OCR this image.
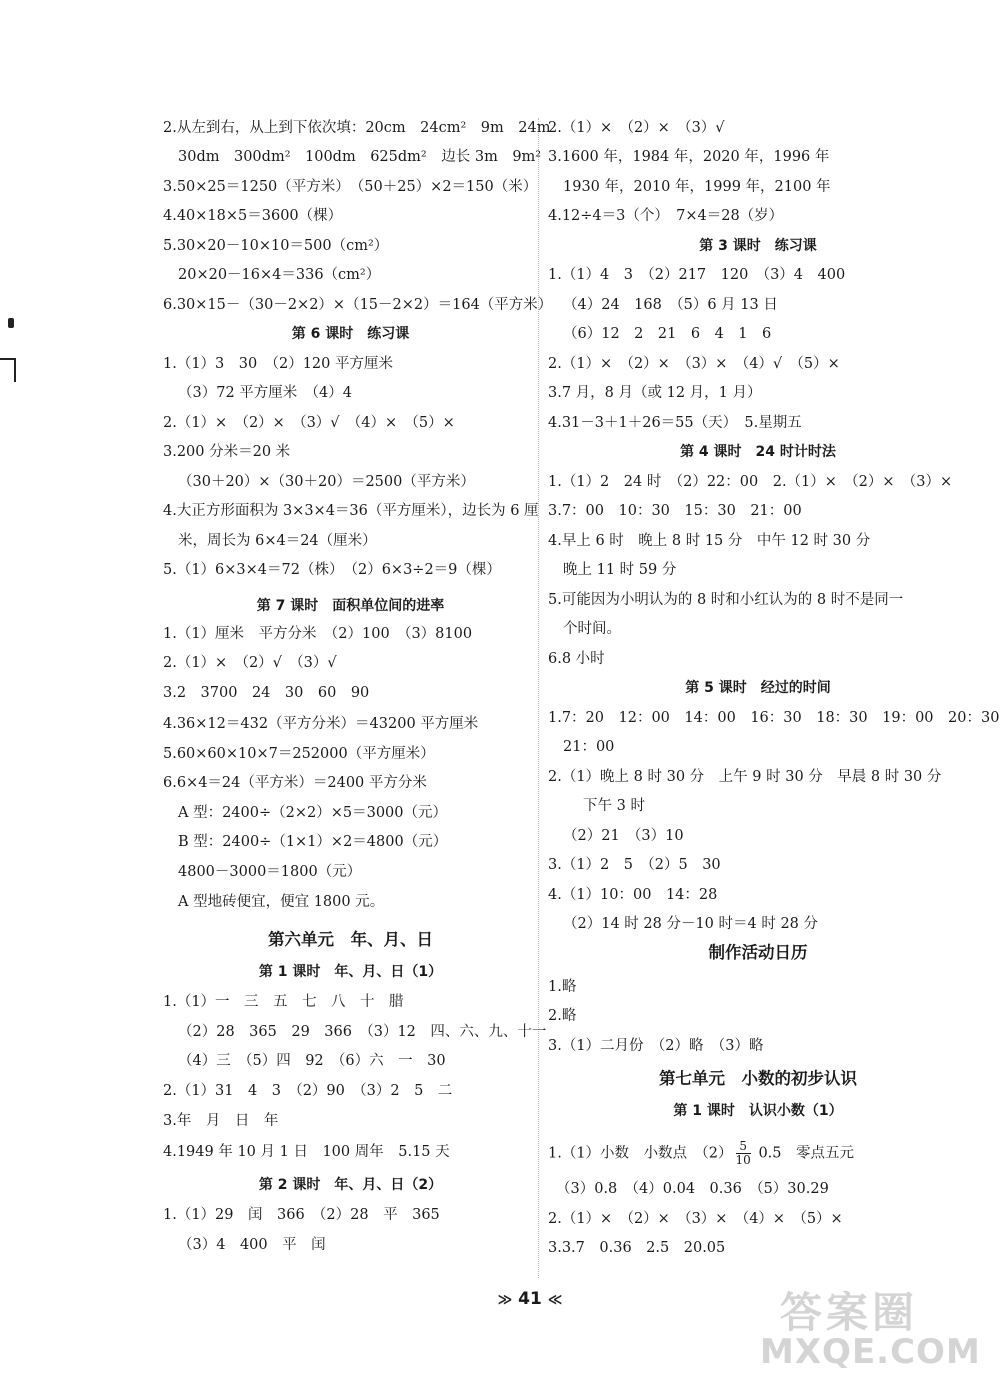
2.从左到右，从上到下依次填：20cm　24cm²　9m　24m
30dm　300dm²　100dm　625dm²　边长 3m　9m²
3.50×25＝1250（平方米）　（50＋25）×2＝150（米）
4.40×18×5＝3600（棵）
5.30×20－10×10＝500（cm²）
20×20－16×4＝336（cm²）
6.30×15－（30－2×2）×（15－2×2）＝164（平方米）
第 6 课时　练习课
1.（1）3　30　（2）120 平方厘米
（3）72 平方厘米　（4）4
2.（1）×　（2）×　（3）√　（4）×　（5）×
3.200 分米＝20 米
（30＋20）×（30＋20）＝2500（平方米）
4.大正方形面积为 3×3×4＝36（平方厘米），边长为 6 厘
米，周长为 6×4＝24（厘米）
5.（1）6×3×4＝72（株）　（2）6×3÷2＝9（棵）
第 7 课时　面积单位间的进率
1.（1）厘米　平方分米　（2）100　（3）8100
2.（1）×　（2）√　（3）√
3.2　3700　24　30　60　90
4.36×12＝432（平方分米）＝43200 平方厘米
5.60×60×10×7＝252000（平方厘米）
6.6×4＝24（平方米）＝2400 平方分米
A 型：2400÷（2×2）×5＝3000（元）
B 型：2400÷（1×1）×2＝4800（元）
4800－3000＝1800（元）
A 型地砖便宜，便宜 1800 元。
第六单元　年、月、日
第 1 课时　年、月、日（1）
1.（1）一　三　五　七　八　十　腊
（2）28　365　29　366　（3）12　四、六、九、十一
（4）三　（5）四　92　（6）六　一　30
2.（1）31　4　3　（2）90　（3）2　5　二
3.年　月　日　年
4.1949 年 10 月 1 日　100 周年　5.15 天
第 2 课时　年、月、日（2）
1.（1）29　闰　366　（2）28　平　365
（3）4　400　平　闰
2.（1）×　（2）×　（3）√
3.1600 年，1984 年，2020 年，1996 年
1930 年，2010 年，1999 年，2100 年
4.12÷4＝3（个）　7×4＝28（岁）
第 3 课时　练习课
1.（1）4　3　（2）217　120　（3）4　400
（4）24　168　（5）6 月 13 日
（6）12　2　21　6　4　1　6
2.（1）×　（2）×　（3）×　（4）√　（5）×
3.7 月，8 月（或 12 月，1 月）
4.31－3＋1＋26＝55（天）　5.星期五
第 4 课时　24 时计时法
1.（1）2　24 时　（2）22：00　2.（1）×　（2）×　（3）×
3.7：00　10：30　15：30　21：00
4.早上 6 时　晚上 8 时 15 分　中午 12 时 30 分
晚上 11 时 59 分
5.可能因为小明认为的 8 时和小红认为的 8 时不是同一
个时间。
6.8 小时
第 5 课时　经过的时间
1.7：20　12：00　14：00　16：30　18：30　19：00　20：30
21：00
2.（1）晚上 8 时 30 分　上午 9 时 30 分　早晨 8 时 30 分
下午 3 时
（2）21　（3）10
3.（1）2　5　（2）5　30
4.（1）10：00　14：28
（2）14 时 28 分－10 时＝4 时 28 分
制作活动日历
1.略
2.略
3.（1）二月份　（2）略　（3）略
第七单元　小数的初步认识
第 1 课时　认识小数（1）
1.（1）小数　小数点　$(2) \frac{5}{10} 0.5$　零点五元
（3）0.8　（4）0.04　0.36　（5）30.29
2.（1）×　（2）×　（3）×　（4）×　（5）×
3.3.7　0.36　2.5　20.05
≫ 41 ≪	答案圈
MXQE.COM
